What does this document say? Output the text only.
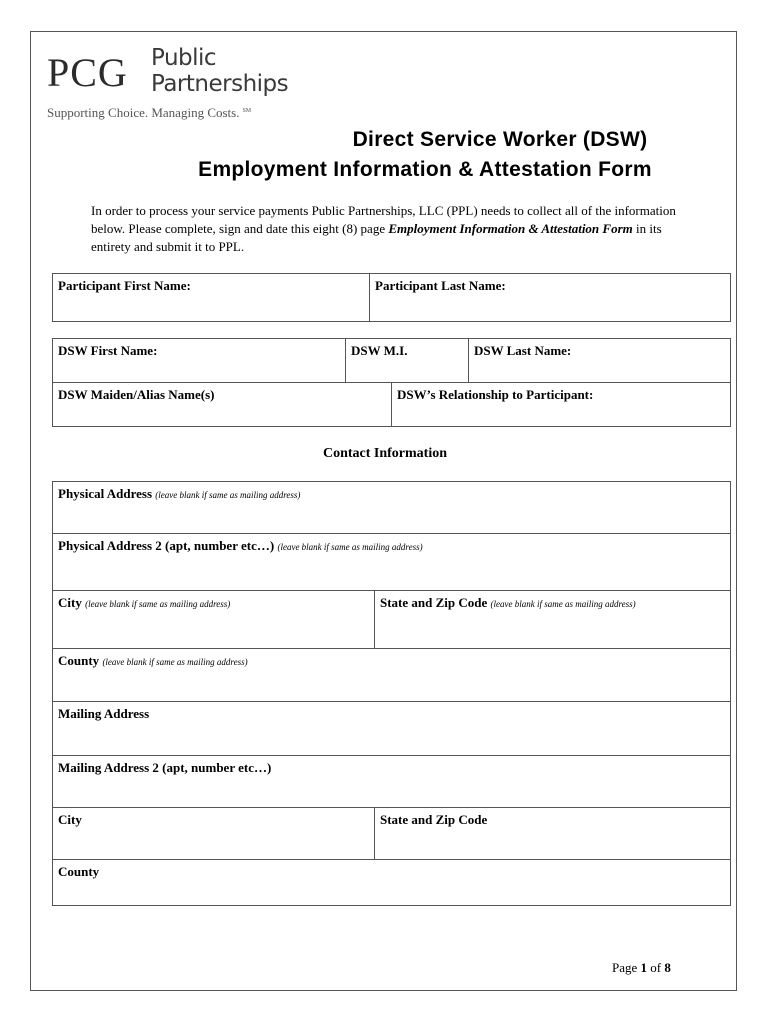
PCG Public
Partnerships
Supporting Choice. Managing Costs. ℠
Direct Service Worker (DSW)
Employment Information & Attestation Form
In order to process your service payments Public Partnerships, LLC (PPL) needs to collect all of the information below. Please complete, sign and date this eight (8) page Employment Information & Attestation Form in its entirety and submit it to PPL.
Participant First Name:	Participant Last Name:
DSW First Name:	DSW M.I.	DSW Last Name:
DSW Maiden/Alias Name(s)	DSW’s Relationship to Participant:
Contact Information
Physical Address (leave blank if same as mailing address)
Physical Address 2 (apt, number etc…) (leave blank if same as mailing address)
City (leave blank if same as mailing address)	State and Zip Code (leave blank if same as mailing address)
County (leave blank if same as mailing address)
Mailing Address
Mailing Address 2 (apt, number etc…)
City	State and Zip Code
County
Page 1 of 8
